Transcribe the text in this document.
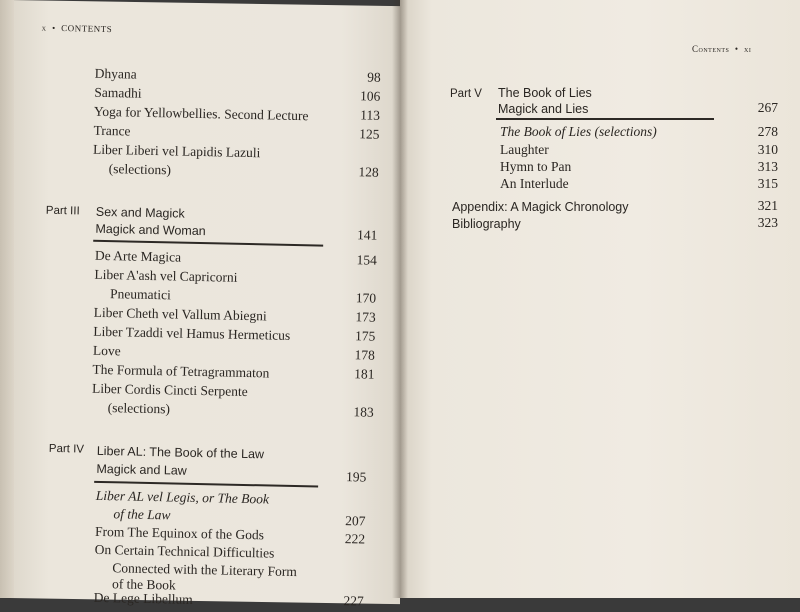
x • CONTENTS
Dhyana	98
Samadhi	106
Yoga for Yellowbellies. Second Lecture	113
Trance	125
Liber Liberi vel Lapidis Lazuli
(selections)	128
Part III Sex and Magick
Magick and Woman	141
De Arte Magica	154
Liber A'ash vel Capricorni
Pneumatici	170
Liber Cheth vel Vallum Abiegni	173
Liber Tzaddi vel Hamus Hermeticus	175
Love	178
The Formula of Tetragrammaton	181
Liber Cordis Cincti Serpente
(selections)	183
Part IV Liber AL: The Book of the Law
Magick and Law	195
Liber AL vel Legis, or The Book
of the Law	207
From The Equinox of the Gods	222
On Certain Technical Difficulties
Connected with the Literary Form
of the Book
De Lege Libellum	227
Contents • xi
Part V The Book of Lies
Magick and Lies	267
The Book of Lies (selections)	278
Laughter	310
Hymn to Pan	313
An Interlude	315
Appendix: A Magick Chronology	321
Bibliography	323
